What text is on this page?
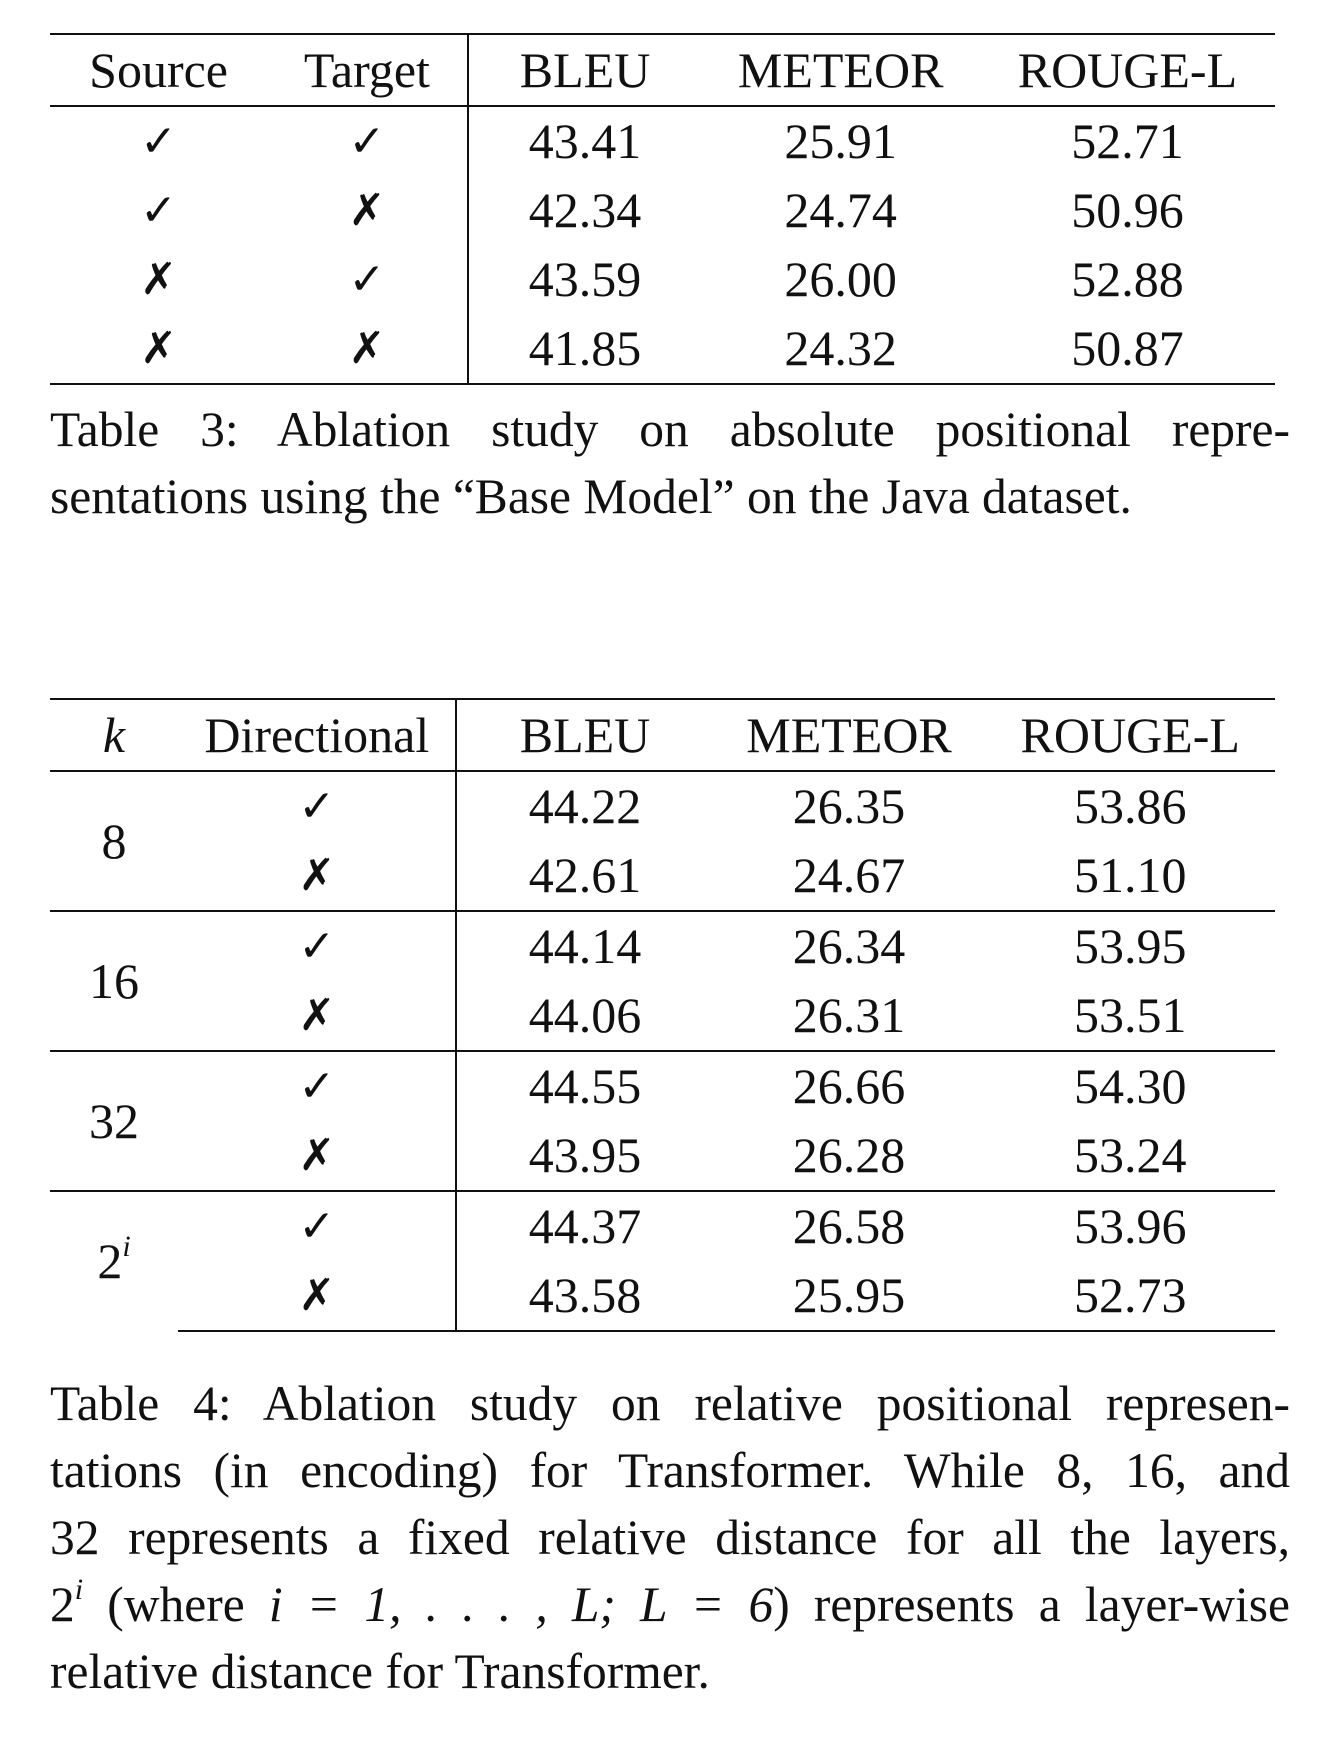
Source	Target	BLEU	METEOR	ROUGE-L
✓	✓	43.41	25.91	52.71
✓	✗	42.34	24.74	50.96
✗	✓	43.59	26.00	52.88
✗	✗	41.85	24.32	50.87
Table 3: Ablation study on absolute positional repre-
sentations using the “Base Model” on the Java dataset.
k	Directional	BLEU	METEOR	ROUGE-L
8	✓	44.22	26.35	53.86
	✗	42.61	24.67	51.10
16	✓	44.14	26.34	53.95
	✗	44.06	26.31	53.51
32	✓	44.55	26.66	54.30
	✗	43.95	26.28	53.24
2$^i$	✓	44.37	26.58	53.96
	✗	43.58	25.95	52.73
Table 4: Ablation study on relative positional represen-
tations (in encoding) for Transformer. While 8, 16, and
32 represents a fixed relative distance for all the layers,
2$^i$ (where i = 1, . . . , L; L = 6) represents a layer-wise
relative distance for Transformer.
